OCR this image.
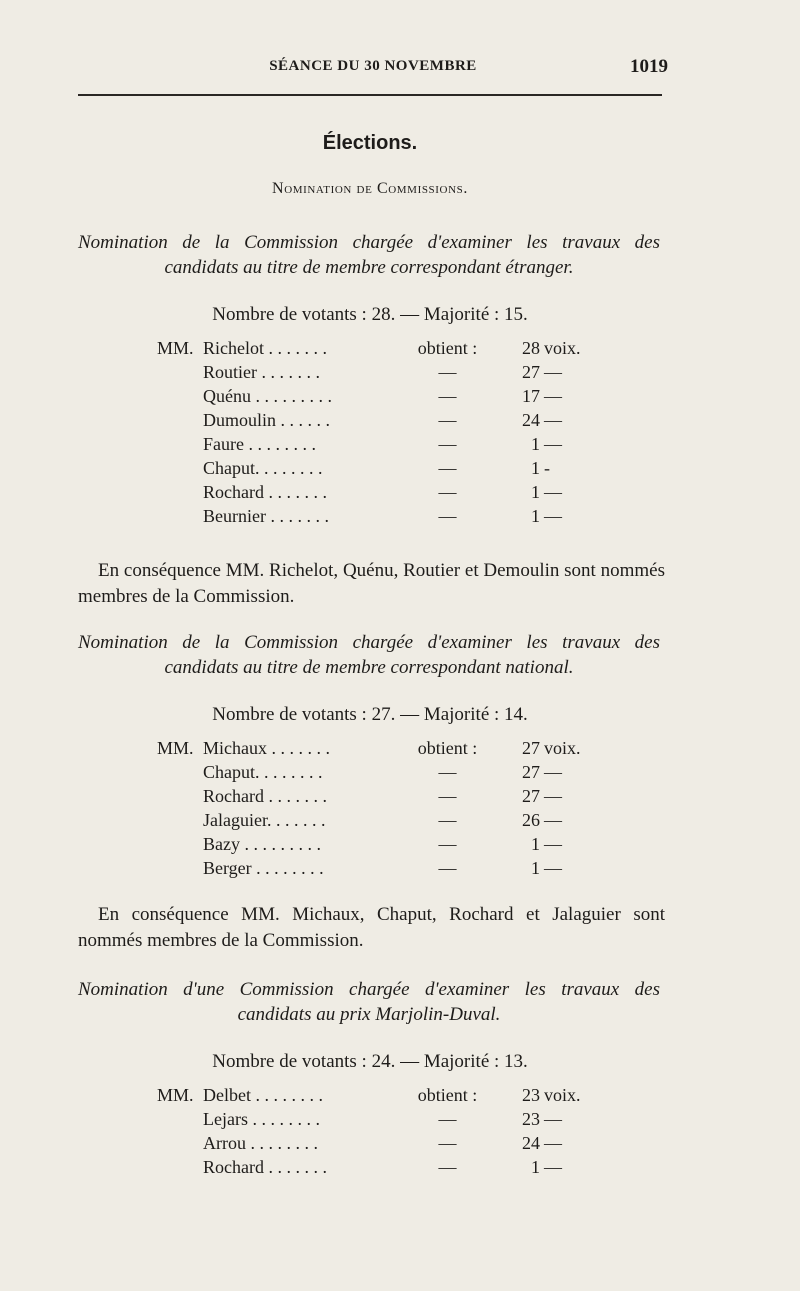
SÉANCE DU 30 NOVEMBRE	1019
Élections.
Nomination de Commissions.
Nomination de la Commission chargée d'examiner les travaux des candidats au titre de membre correspondant étranger.
Nombre de votants : 28. — Majorité : 15.
MM. Richelot . . . . . . .	obtient :	28 voix.
Routier . . . . . . .	—	27 —
Quénu . . . . . . . . .	—	17 —
Dumoulin . . . . . .	—	24 —
Faure . . . . . . . .	—	1 —
Chaput. . . . . . . .	—	1 -
Rochard . . . . . . .	—	1 —
Beurnier . . . . . . .	—	1 —
En conséquence MM. Richelot, Quénu, Routier et Demoulin sont nommés membres de la Commission.
Nomination de la Commission chargée d'examiner les travaux des candidats au titre de membre correspondant national.
Nombre de votants : 27. — Majorité : 14.
MM. Michaux . . . . . . .	obtient :	27 voix.
Chaput. . . . . . . .	—	27 —
Rochard . . . . . . .	—	27 —
Jalaguier. . . . . . .	—	26 —
Bazy . . . . . . . . .	—	1 —
Berger . . . . . . . .	—	1 —
En conséquence MM. Michaux, Chaput, Rochard et Jalaguier sont nommés membres de la Commission.
Nomination d'une Commission chargée d'examiner les travaux des candidats au prix Marjolin-Duval.
Nombre de votants : 24. — Majorité : 13.
MM. Delbet . . . . . . . .	obtient :	23 voix.
Lejars . . . . . . . .	—	23 —
Arrou . . . . . . . .	—	24 —
Rochard . . . . . . .	—	1 —
